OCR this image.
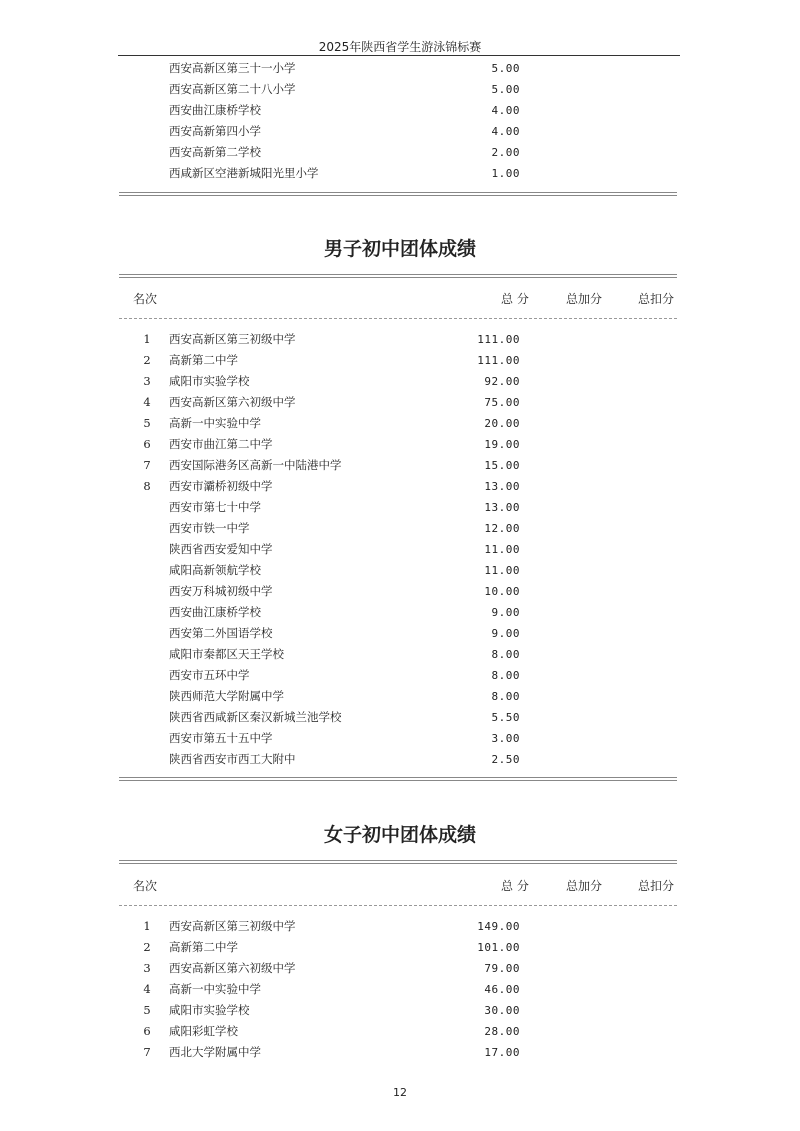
2025年陕西省学生游泳锦标赛
西安高新区第三十一小学	5.00
西安高新区第二十八小学	5.00
西安曲江康桥学校	4.00
西安高新第四小学	4.00
西安高新第二学校	2.00
西咸新区空港新城阳光里小学	1.00
男子初中团体成绩
名次	总 分	总加分	总扣分
1 西安高新区第三初级中学	111.00
2 高新第二中学	111.00
3 咸阳市实验学校	92.00
4 西安高新区第六初级中学	75.00
5 高新一中实验中学	20.00
6 西安市曲江第二中学	19.00
7 西安国际港务区高新一中陆港中学	15.00
8 西安市灞桥初级中学	13.00
西安市第七十中学	13.00
西安市铁一中学	12.00
陕西省西安爱知中学	11.00
咸阳高新领航学校	11.00
西安万科城初级中学	10.00
西安曲江康桥学校	9.00
西安第二外国语学校	9.00
咸阳市秦都区天王学校	8.00
西安市五环中学	8.00
陕西师范大学附属中学	8.00
陕西省西咸新区秦汉新城兰池学校	5.50
西安市第五十五中学	3.00
陕西省西安市西工大附中	2.50
女子初中团体成绩
名次	总 分	总加分	总扣分
1 西安高新区第三初级中学	149.00
2 高新第二中学	101.00
3 西安高新区第六初级中学	79.00
4 高新一中实验中学	46.00
5 咸阳市实验学校	30.00
6 咸阳彩虹学校	28.00
7 西北大学附属中学	17.00
12
